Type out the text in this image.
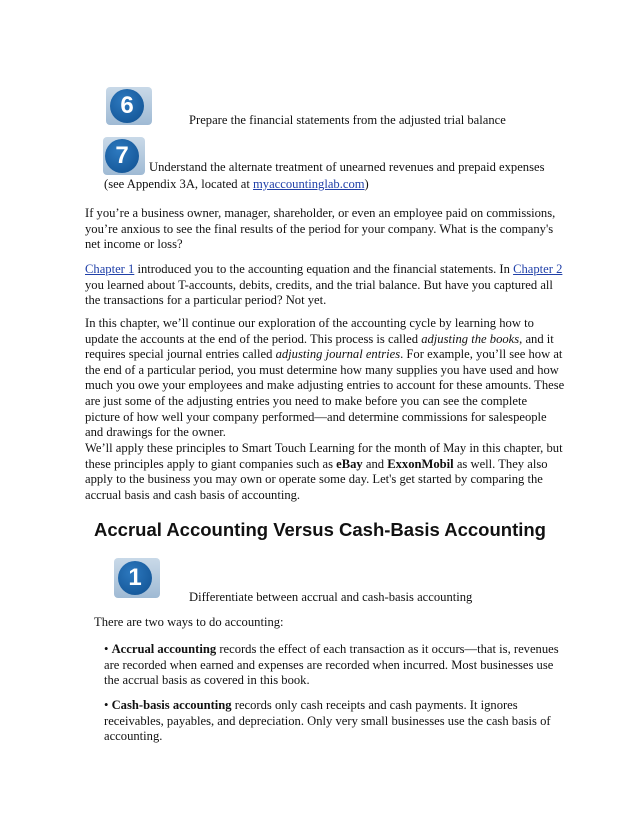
6

Prepare the financial statements from the adjusted trial balance

7	Understand the alternate treatment of unearned revenues and prepaid expenses

(see Appendix 3A, located at myaccountinglab.com)

If you’re a business owner, manager, shareholder, or even an employee paid on commissions, you’re anxious to see the final results of the period for your company. What is the company's net income or loss?

Chapter 1 introduced you to the accounting equation and the financial statements. In Chapter 2 you learned about T-accounts, debits, credits, and the trial balance. But have you captured all the transactions for a particular period? Not yet.

In this chapter, we’ll continue our exploration of the accounting cycle by learning how to update the accounts at the end of the period. This process is called adjusting the books, and it requires special journal entries called adjusting journal entries. For example, you’ll see how at the end of a particular period, you must determine how many supplies you have used and how much you owe your employees and make adjusting entries to account for these amounts. These are just some of the adjusting entries you need to make before you can see the complete picture of how well your company performed—and determine commissions for salespeople and drawings for the owner.

We’ll apply these principles to Smart Touch Learning for the month of May in this chapter, but these principles apply to giant companies such as eBay and ExxonMobil as well. They also apply to the business you may own or operate some day. Let's get started by comparing the accrual basis and cash basis of accounting.

Accrual Accounting Versus Cash-Basis Accounting
1

Differentiate between accrual and cash-basis accounting

There are two ways to do accounting:

• Accrual accounting records the effect of each transaction as it occurs—that is, revenues are recorded when earned and expenses are recorded when incurred. Most businesses use the accrual basis as covered in this book.

• Cash-basis accounting records only cash receipts and cash payments. It ignores receivables, payables, and depreciation. Only very small businesses use the cash basis of accounting.
